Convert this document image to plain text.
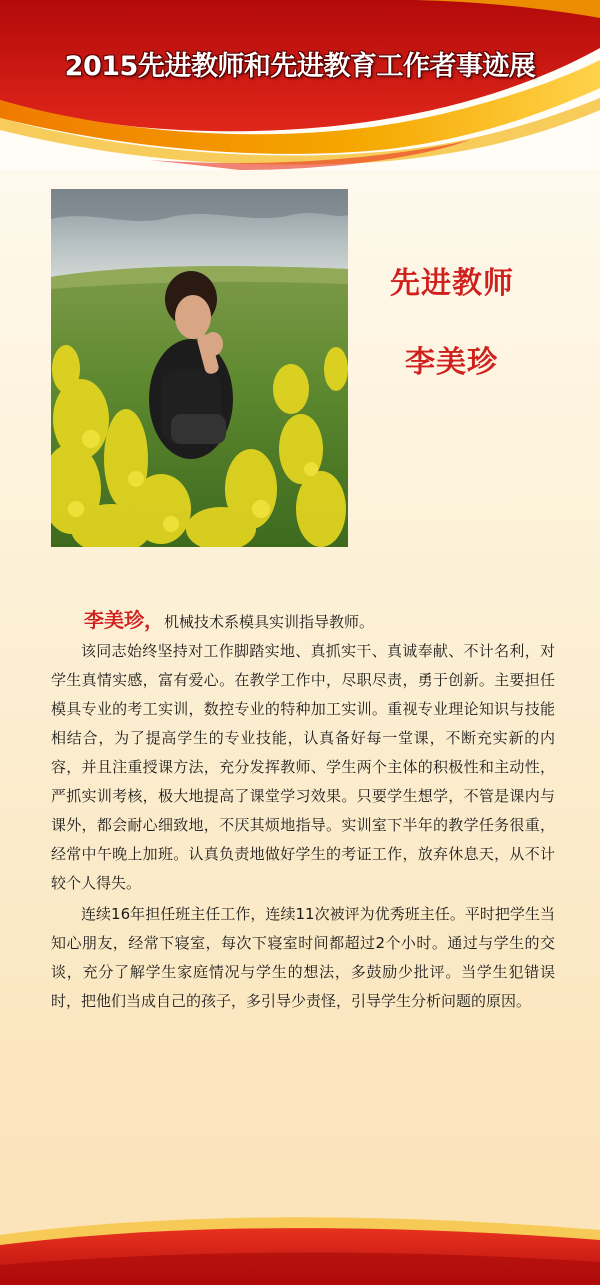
2015先进教师和先进教育工作者事迹展
先进教师
李美珍
李美珍，机械技术系模具实训指导教师。

该同志始终坚持对工作脚踏实地、真抓实干、真诚奉献、不计名利，对学生真情实感，富有爱心。在教学工作中，尽职尽责，勇于创新。主要担任模具专业的考工实训，数控专业的特种加工实训。重视专业理论知识与技能相结合，为了提高学生的专业技能，认真备好每一堂课，不断充实新的内容，并且注重授课方法，充分发挥教师、学生两个主体的积极性和主动性，严抓实训考核，极大地提高了课堂学习效果。只要学生想学，不管是课内与课外，都会耐心细致地，不厌其烦地指导。实训室下半年的教学任务很重，经常中午晚上加班。认真负责地做好学生的考证工作，放弃休息天，从不计较个人得失。

连续16年担任班主任工作，连续11次被评为优秀班主任。平时把学生当知心朋友，经常下寝室，每次下寝室时间都超过2个小时。通过与学生的交谈，充分了解学生家庭情况与学生的想法，多鼓励少批评。当学生犯错误时，把他们当成自己的孩子，多引导少责怪，引导学生分析问题的原因。
